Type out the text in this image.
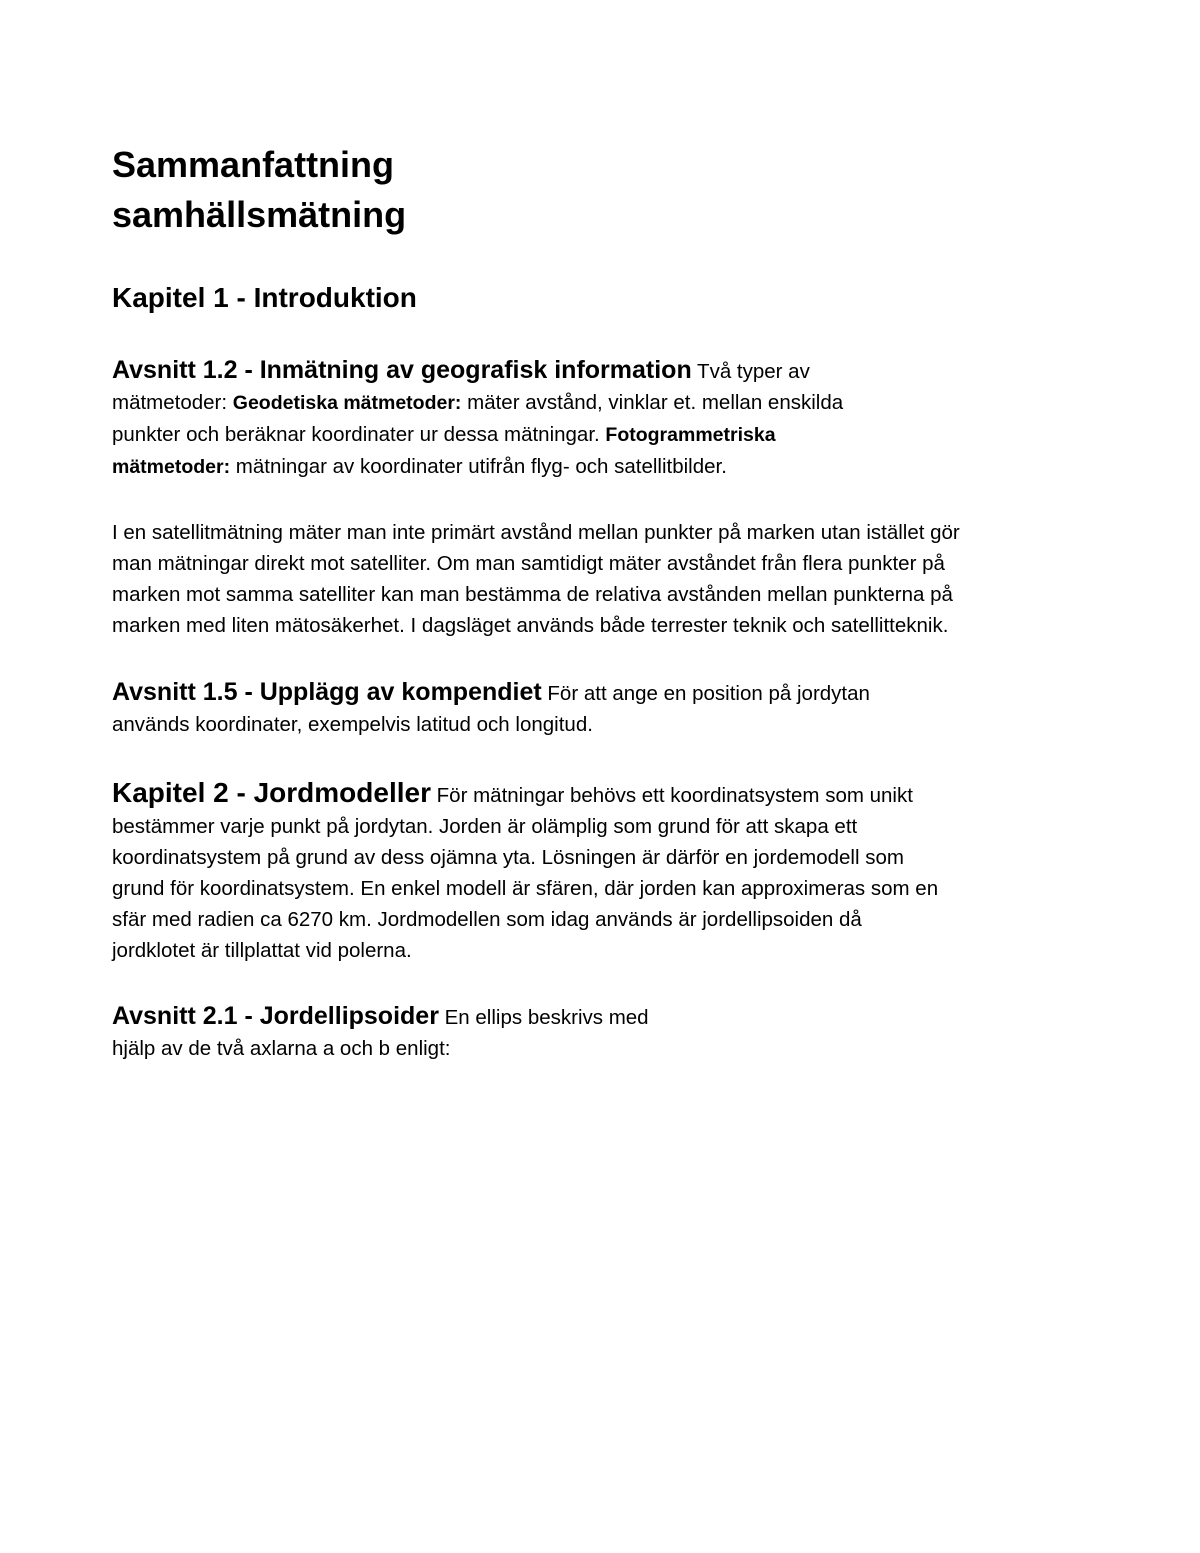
Sammanfattning
samhällsmätning
Kapitel 1 - Introduktion

Avsnitt 1.2 - Inmätning av geografisk information Två typer av
mätmetoder: Geodetiska mätmetoder: mäter avstånd, vinklar et. mellan enskilda
punkter och beräknar koordinater ur dessa mätningar. Fotogrammetriska
mätmetoder: mätningar av koordinater utifrån flyg- och satellitbilder.

I en satellitmätning mäter man inte primärt avstånd mellan punkter på marken utan istället gör
man mätningar direkt mot satelliter. Om man samtidigt mäter avståndet från flera punkter på
marken mot samma satelliter kan man bestämma de relativa avstånden mellan punkterna på
marken med liten mätosäkerhet. I dagsläget används både terrester teknik och satellitteknik.

Avsnitt 1.5 - Upplägg av kompendiet För att ange en position på jordytan
används koordinater, exempelvis latitud och longitud.

Kapitel 2 - Jordmodeller För mätningar behövs ett koordinatsystem som unikt
bestämmer varje punkt på jordytan. Jorden är olämplig som grund för att skapa ett
koordinatsystem på grund av dess ojämna yta. Lösningen är därför en jordemodell som
grund för koordinatsystem. En enkel modell är sfären, där jorden kan approximeras som en
sfär med radien ca 6270 km. Jordmodellen som idag används är jordellipsoiden då
jordklotet är tillplattat vid polerna.

Avsnitt 2.1 - Jordellipsoider En ellips beskrivs med
hjälp av de två axlarna a och b enligt:
